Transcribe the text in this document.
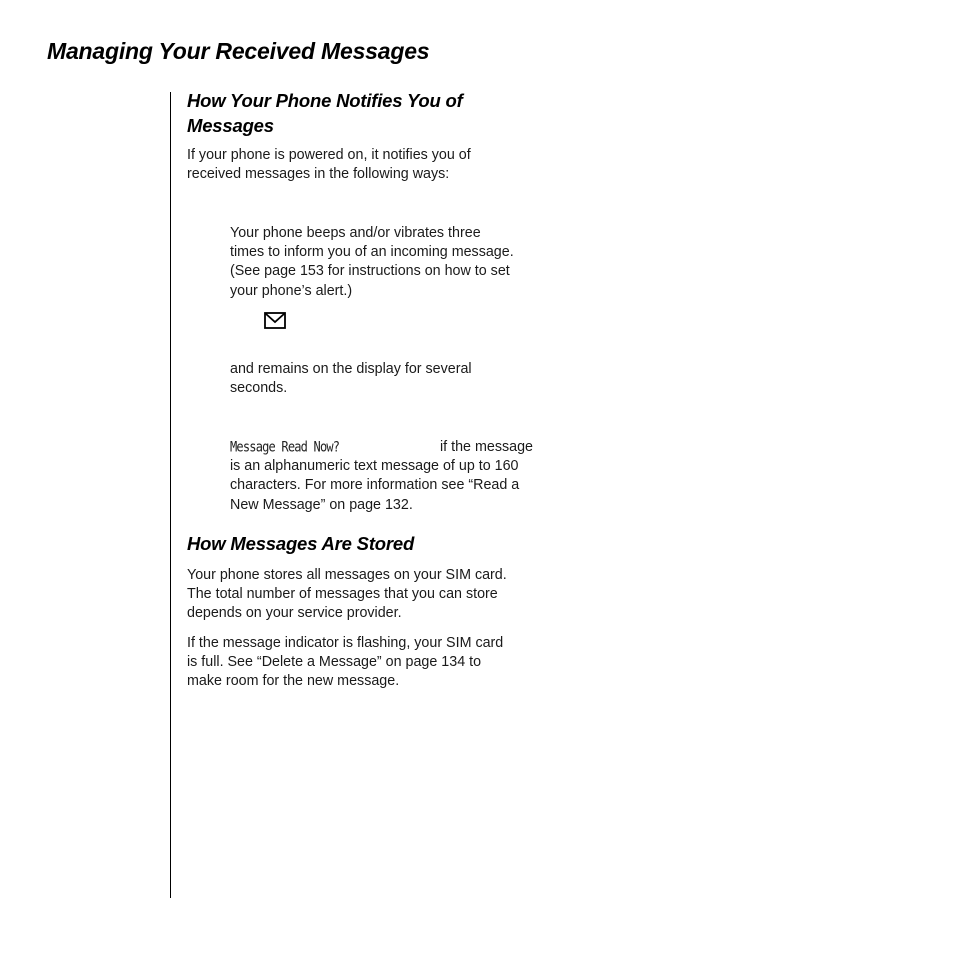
Managing Your Received Messages
How Your Phone Notifies You of
Messages

If your phone is powered on, it notifies you of
received messages in the following ways:

Your phone beeps and/or vibrates three
times to inform you of an incoming message.
(See page 153 for instructions on how to set
your phone’s alert.)

and remains on the display for several
seconds.

Message Read Now?	if the message
is an alphanumeric text message of up to 160
characters. For more information see “Read a
New Message” on page 132.

How Messages Are Stored

Your phone stores all messages on your SIM card.
The total number of messages that you can store
depends on your service provider.

If the message indicator is flashing, your SIM card
is full. See “Delete a Message” on page 134 to
make room for the new message.
